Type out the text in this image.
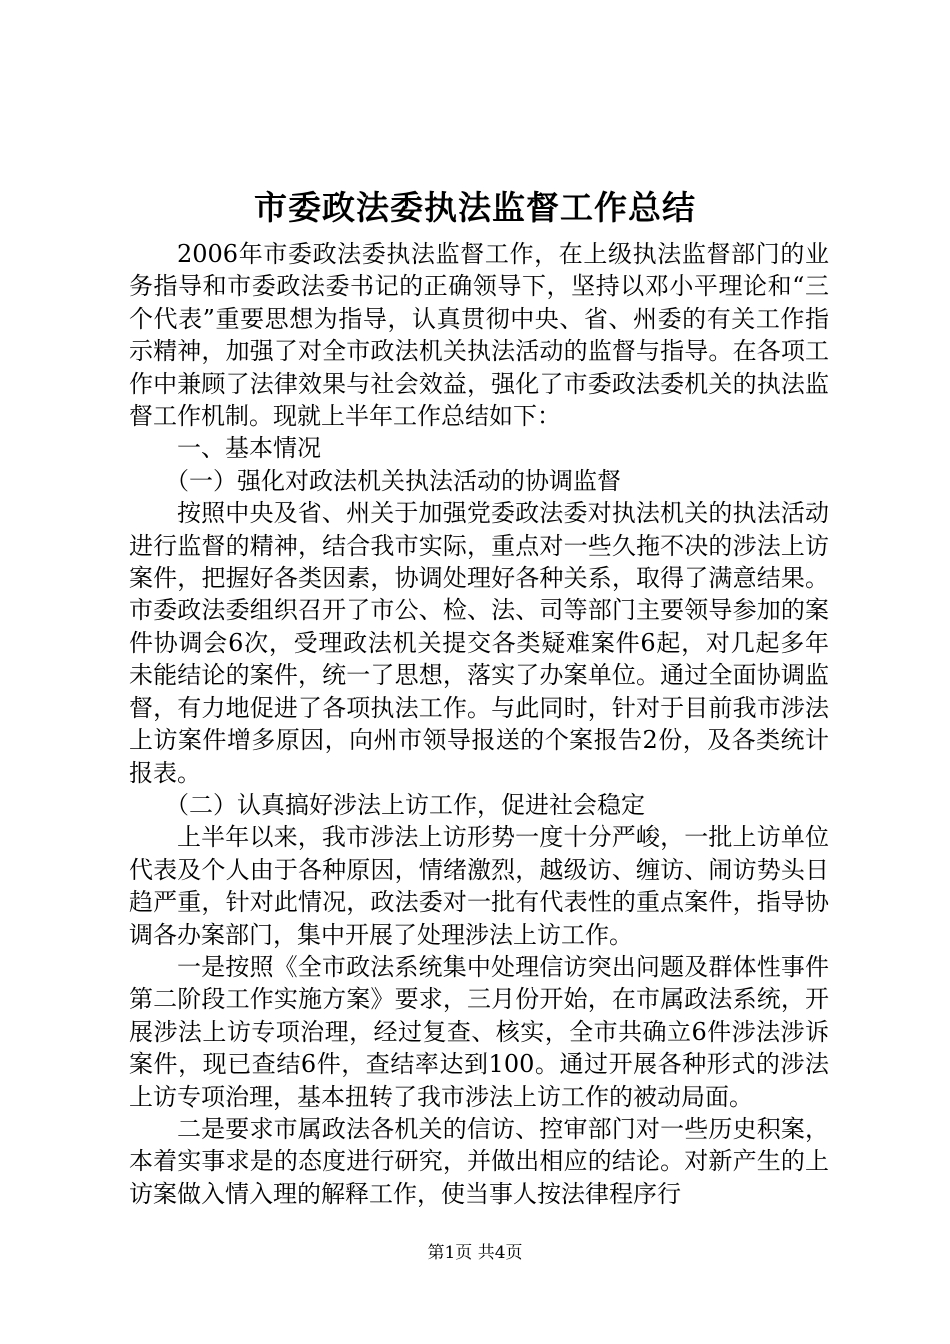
市委政法委执法监督工作总结

2006年市委政法委执法监督工作，在上级执法监督部门的业务指导和市委政法委书记的正确领导下，坚持以邓小平理论和“三个代表”重要思想为指导，认真贯彻中央、省、州委的有关工作指示精神，加强了对全市政法机关执法活动的监督与指导。在各项工作中兼顾了法律效果与社会效益，强化了市委政法委机关的执法监督工作机制。现就上半年工作总结如下：

一、基本情况

（一）强化对政法机关执法活动的协调监督

按照中央及省、州关于加强党委政法委对执法机关的执法活动进行监督的精神，结合我市实际，重点对一些久拖不决的涉法上访案件，把握好各类因素，协调处理好各种关系，取得了满意结果。市委政法委组织召开了市公、检、法、司等部门主要领导参加的案件协调会6次，受理政法机关提交各类疑难案件6起，对几起多年未能结论的案件，统一了思想，落实了办案单位。通过全面协调监督，有力地促进了各项执法工作。与此同时，针对于目前我市涉法上访案件增多原因，向州市领导报送的个案报告2份，及各类统计报表。

（二）认真搞好涉法上访工作，促进社会稳定

上半年以来，我市涉法上访形势一度十分严峻，一批上访单位代表及个人由于各种原因，情绪激烈，越级访、缠访、闹访势头日趋严重，针对此情况，政法委对一批有代表性的重点案件，指导协调各办案部门，集中开展了处理涉法上访工作。

一是按照《全市政法系统集中处理信访突出问题及群体性事件第二阶段工作实施方案》要求，三月份开始，在市属政法系统，开展涉法上访专项治理，经过复查、核实，全市共确立6件涉法涉诉案件，现已查结6件，查结率达到100。通过开展各种形式的涉法上访专项治理，基本扭转了我市涉法上访工作的被动局面。

二是要求市属政法各机关的信访、控审部门对一些历史积案，本着实事求是的态度进行研究，并做出相应的结论。对新产生的上访案做入情入理的解释工作，使当事人按法律程序行

第1页 共4页
